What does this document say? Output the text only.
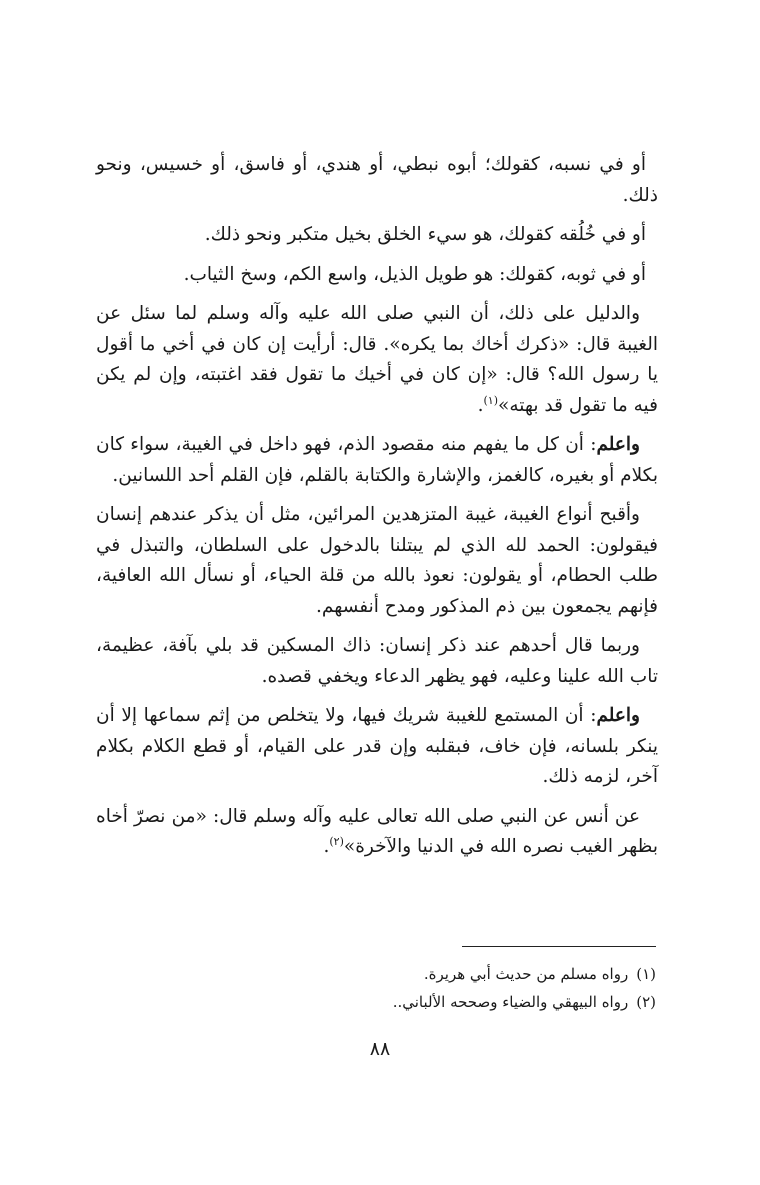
أو في نسبه، كقولك؛ أبوه نبطي، أو هندي، أو فاسق، أو خسيس، ونحو ذلك.

أو في خُلُقه كقولك، هو سيء الخلق بخيل متكبر ونحو ذلك.

أو في ثوبه، كقولك: هو طويل الذيل، واسع الكم، وسخ الثياب.

والدليل على ذلك، أن النبي صلى الله عليه وآله وسلم لما سئل عن الغيبة قال: «ذكرك أخاك بما يكره». قال: أرأيت إن كان في أخي ما أقول يا رسول الله؟ قال: «إن كان في أخيك ما تقول فقد اغتبته، وإن لم يكن فيه ما تقول قد بهته»$^{(١)}$.

واعلم: أن كل ما يفهم منه مقصود الذم، فهو داخل في الغيبة، سواء كان بكلام أو بغيره، كالغمز، والإشارة والكتابة بالقلم، فإن القلم أحد اللسانين.

وأقبح أنواع الغيبة، غيبة المتزهدين المرائين، مثل أن يذكر عندهم إنسان فيقولون: الحمد لله الذي لم يبتلنا بالدخول على السلطان، والتبذل في طلب الحطام، أو يقولون: نعوذ بالله من قلة الحياء، أو نسأل الله العافية، فإنهم يجمعون بين ذم المذكور ومدح أنفسهم.

وربما قال أحدهم عند ذكر إنسان: ذاك المسكين قد بلي بآفة، عظيمة، تاب الله علينا وعليه، فهو يظهر الدعاء ويخفي قصده.

واعلم: أن المستمع للغيبة شريك فيها، ولا يتخلص من إثم سماعها إلا أن ينكر بلسانه، فإن خاف، فبقلبه وإن قدر على القيام، أو قطع الكلام بكلام آخر، لزمه ذلك.

عن أنس عن النبي صلى الله تعالى عليه وآله وسلم قال: «من نصرّ أخاه بظهر الغيب نصره الله في الدنيا والآخرة»$^{(٢)}$.

(١)رواه مسلم من حديث أبي هريرة.

(٢)رواه البيهقي والضياء وصححه الألباني..

٨٨
